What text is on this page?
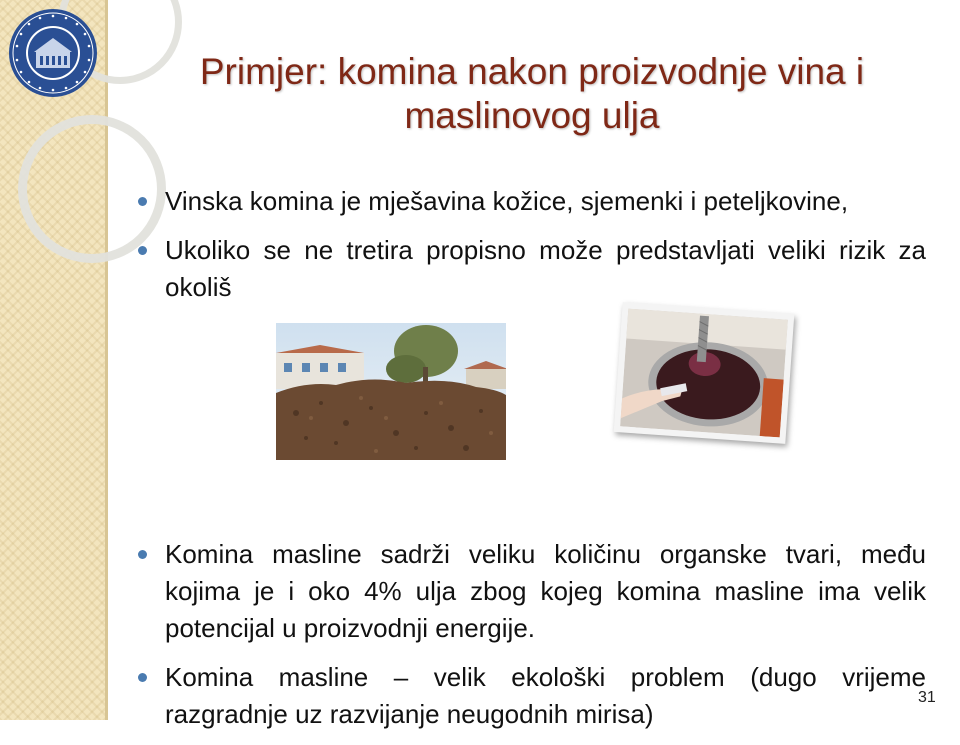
Primjer: komina nakon proizvodnje vina i
maslinovog ulja
Vinska komina je mješavina kožice, sjemenki i peteljkovine,
Ukoliko se ne tretira propisno može predstavljati veliki rizik za okoliš
Komina masline sadrži veliku količinu organske tvari, među kojima je i oko 4% ulja zbog kojeg komina masline ima velik potencijal u proizvodnji energije.
Komina masline – velik ekološki problem (dugo vrijeme razgradnje uz razvijanje neugodnih mirisa)
31
